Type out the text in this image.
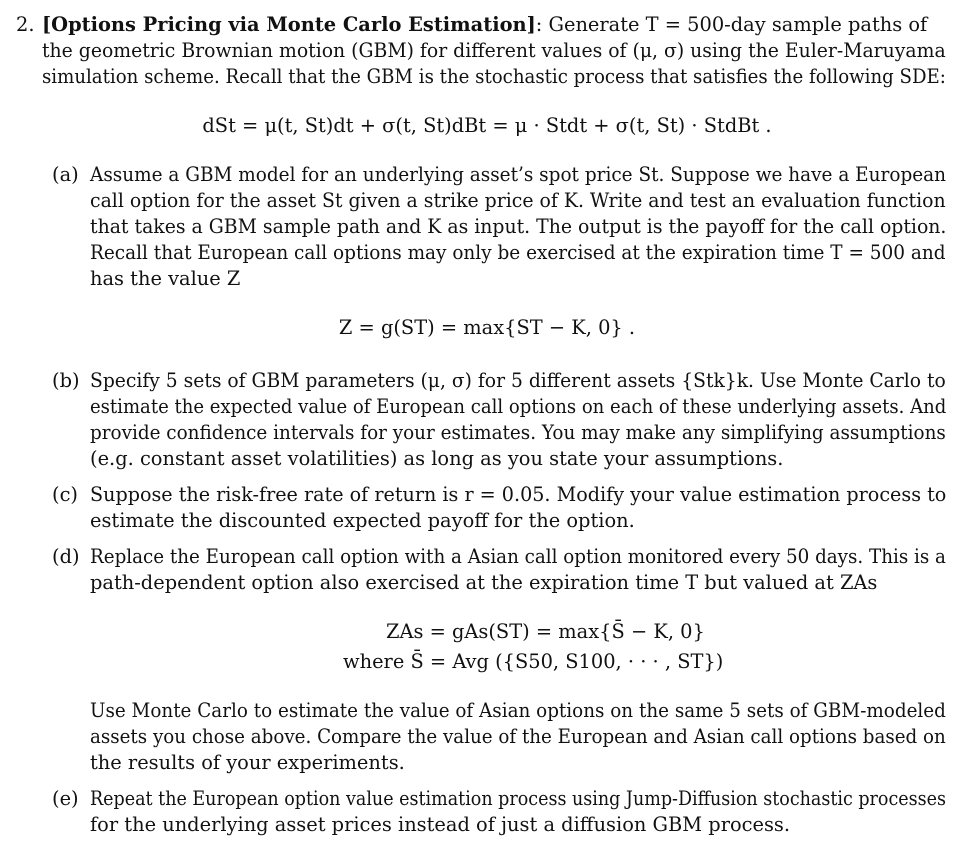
2. [Options Pricing via Monte Carlo Estimation]: Generate T = 500-day sample paths of
the geometric Brownian motion (GBM) for different values of (μ, σ) using the Euler-Maruyama
simulation scheme. Recall that the GBM is the stochastic process that satisfies the following SDE:
dSt = μ(t, St)dt + σ(t, St)dBt = μ · Stdt + σ(t, St) · StdBt .
(a) Assume a GBM model for an underlying asset’s spot price St. Suppose we have a European
call option for the asset St given a strike price of K. Write and test an evaluation function
that takes a GBM sample path and K as input. The output is the payoff for the call option.
Recall that European call options may only be exercised at the expiration time T = 500 and
has the value Z
Z = g(ST) = max{ST − K, 0} .
(b) Specify 5 sets of GBM parameters (μ, σ) for 5 different assets {Stk}k. Use Monte Carlo to
estimate the expected value of European call options on each of these underlying assets. And
provide confidence intervals for your estimates. You may make any simplifying assumptions
(e.g. constant asset volatilities) as long as you state your assumptions.
(c) Suppose the risk-free rate of return is r = 0.05. Modify your value estimation process to
estimate the discounted expected payoff for the option.
(d) Replace the European call option with a Asian call option monitored every 50 days. This is a
path-dependent option also exercised at the expiration time T but valued at ZAs
ZAs = gAs(ST) = max{S̄ − K, 0}
where S̄ = Avg ({S50, S100, · · · , ST})
Use Monte Carlo to estimate the value of Asian options on the same 5 sets of GBM-modeled
assets you chose above. Compare the value of the European and Asian call options based on
the results of your experiments.
(e) Repeat the European option value estimation process using Jump-Diffusion stochastic processes
for the underlying asset prices instead of just a diffusion GBM process.
